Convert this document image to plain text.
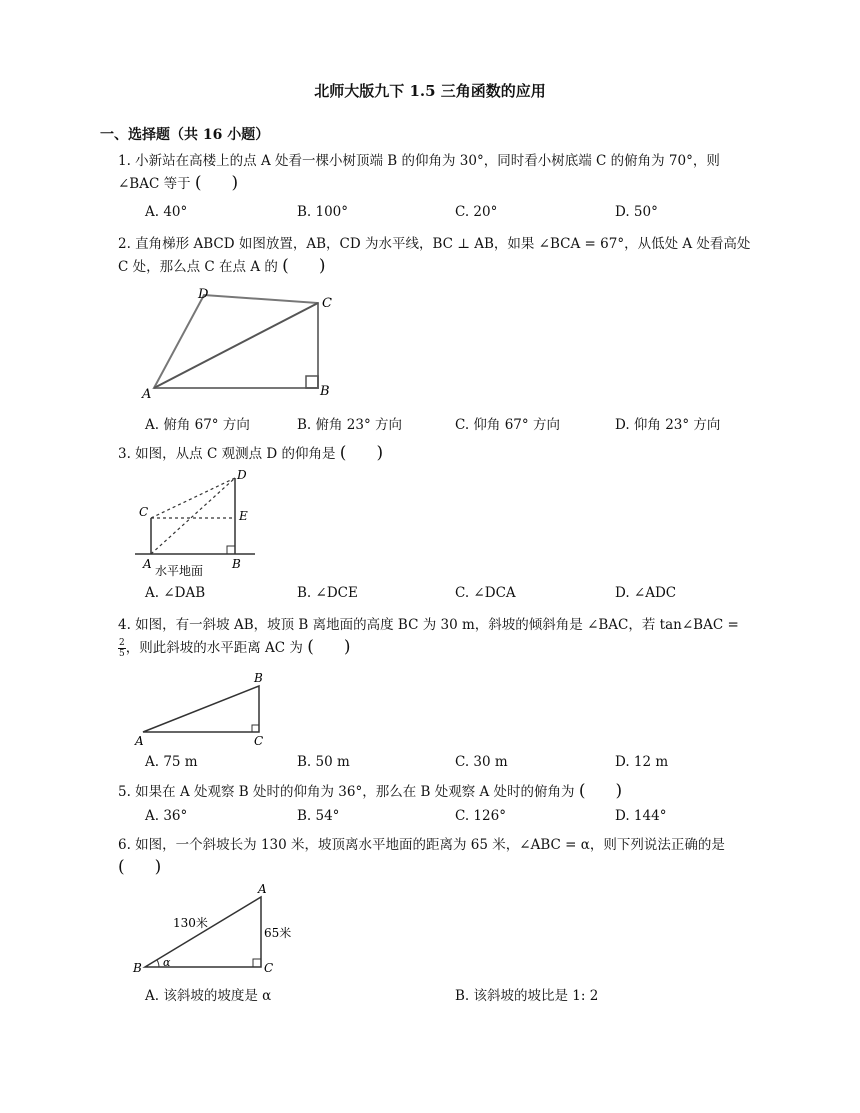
北师大版九下 1.5 三角函数的应用
一、选择题（共 16 小题）
1. 小新站在高楼上的点 A 处看一棵小树顶端 B 的仰角为 30°，同时看小树底端 C 的俯角为 70°，则
∠BAC 等于 ( )
A. 40°	B. 100°	C. 20°	D. 50°
2. 直角梯形 ABCD 如图放置，AB，CD 为水平线，BC ⊥ AB，如果 ∠BCA = 67°，从低处 A 处看高处
C 处，那么点 C 在点 A 的 ( )
D
C
A	B
A. 俯角 67° 方向	B. 俯角 23° 方向	C. 仰角 67° 方向	D. 仰角 23° 方向
3. 如图，从点 C 观测点 D 的仰角是 ( )
D
C	E
A	B
水平地面
A. ∠DAB	B. ∠DCE	C. ∠DCA	D. ∠ADC
4. 如图，有一斜坡 AB，坡顶 B 离地面的高度 BC 为 30 m，斜坡的倾斜角是 ∠BAC，若 tan∠BAC =
$\frac{2}{5}$ ，则此斜坡的水平距离 AC 为 ( )
B
A	C
A. 75 m	B. 50 m	C. 30 m	D. 12 m
5. 如果在 A 处观察 B 处时的仰角为 36°，那么在 B 处观察 A 处时的俯角为 ( )
A. 36°	B. 54°	C. 126°	D. 144°
6. 如图，一个斜坡长为 130 米，坡顶离水平地面的距离为 65 米，∠ABC = α，则下列说法正确的是
( )
A
130米
65米
B α	C
A. 该斜坡的坡度是 α	B. 该斜坡的坡比是 1: 2
